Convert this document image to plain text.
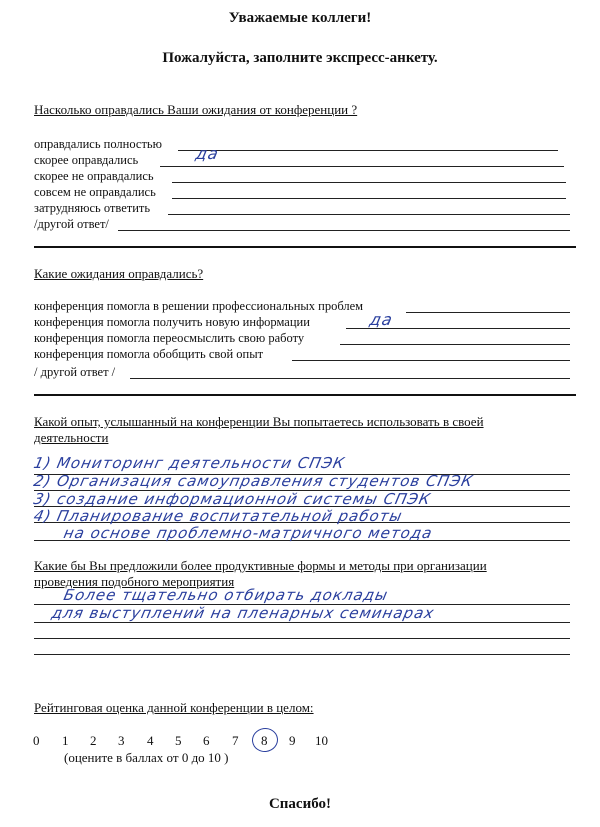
Уважаемые коллеги!
Пожалуйста, заполните экспресс-анкету.
Насколько оправдались Ваши ожидания от конференции ?
оправдались полностью
скорее оправдались
скорее не оправдались
совсем не оправдались
затрудняюсь ответить
/другой ответ/
да
Какие ожидания оправдались?
конференция помогла в решении профессиональных проблем
конференция помогла получить новую информации
конференция помогла переосмыслить свою работу
конференция помогла обобщить свой опыт
/ другой ответ /
да
Какой опыт, услышанный на конференции Вы попытаетесь использовать в своей
деятельности
1) Мониторинг деятельности СПЭК
2) Организация самоуправления студентов СПЭК
3) создание информационной системы СПЭК
4) Планирование воспитательной работы
на основе проблемно-матричного метода
Какие бы Вы предложили более продуктивные формы и методы при организации
проведения подобного мероприятия
Более тщательно отбирать доклады
для выступлений на пленарных семинарах
Рейтинговая оценка данной конференции в целом:
0 1 2 3 4 5 6 7 8 9 10
(оцените в баллах от 0 до 10 )
Спасибо!
